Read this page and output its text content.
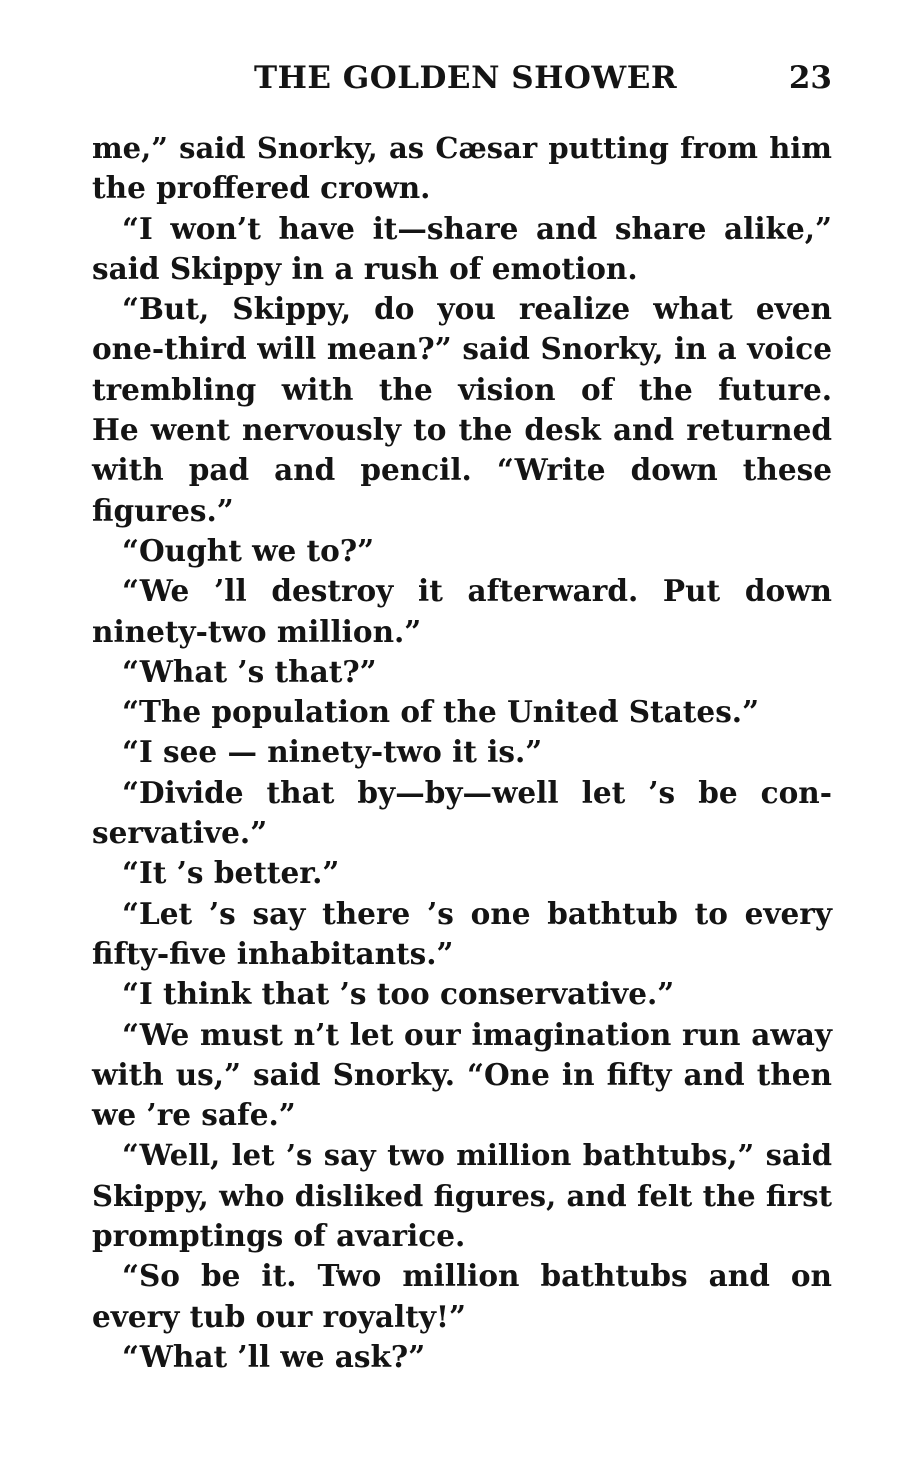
THE GOLDEN SHOWER	23
me,” said Snorky, as Cæsar putting from him
the proffered crown.
“I won’t have it—share and share alike,”
said Skippy in a rush of emotion.
“But, Skippy, do you realize what even
one-third will mean?” said Snorky, in a voice
trembling with the vision of the future.
He went nervously to the desk and returned
with pad and pencil. “Write down these
figures.”
“Ought we to?”
“We ’ll destroy it afterward. Put down
ninety-two million.”
“What ’s that?”
“The population of the United States.”
“I see — ninety-two it is.”
“Divide that by—by—well let ’s be con-
servative.”
“It ’s better.”
“Let ’s say there ’s one bathtub to every
fifty-five inhabitants.”
“I think that ’s too conservative.”
“We must n’t let our imagination run away
with us,” said Snorky. “One in fifty and then
we ’re safe.”
“Well, let ’s say two million bathtubs,” said
Skippy, who disliked figures, and felt the first
promptings of avarice.
“So be it. Two million bathtubs and on
every tub our royalty!”
“What ’ll we ask?”
